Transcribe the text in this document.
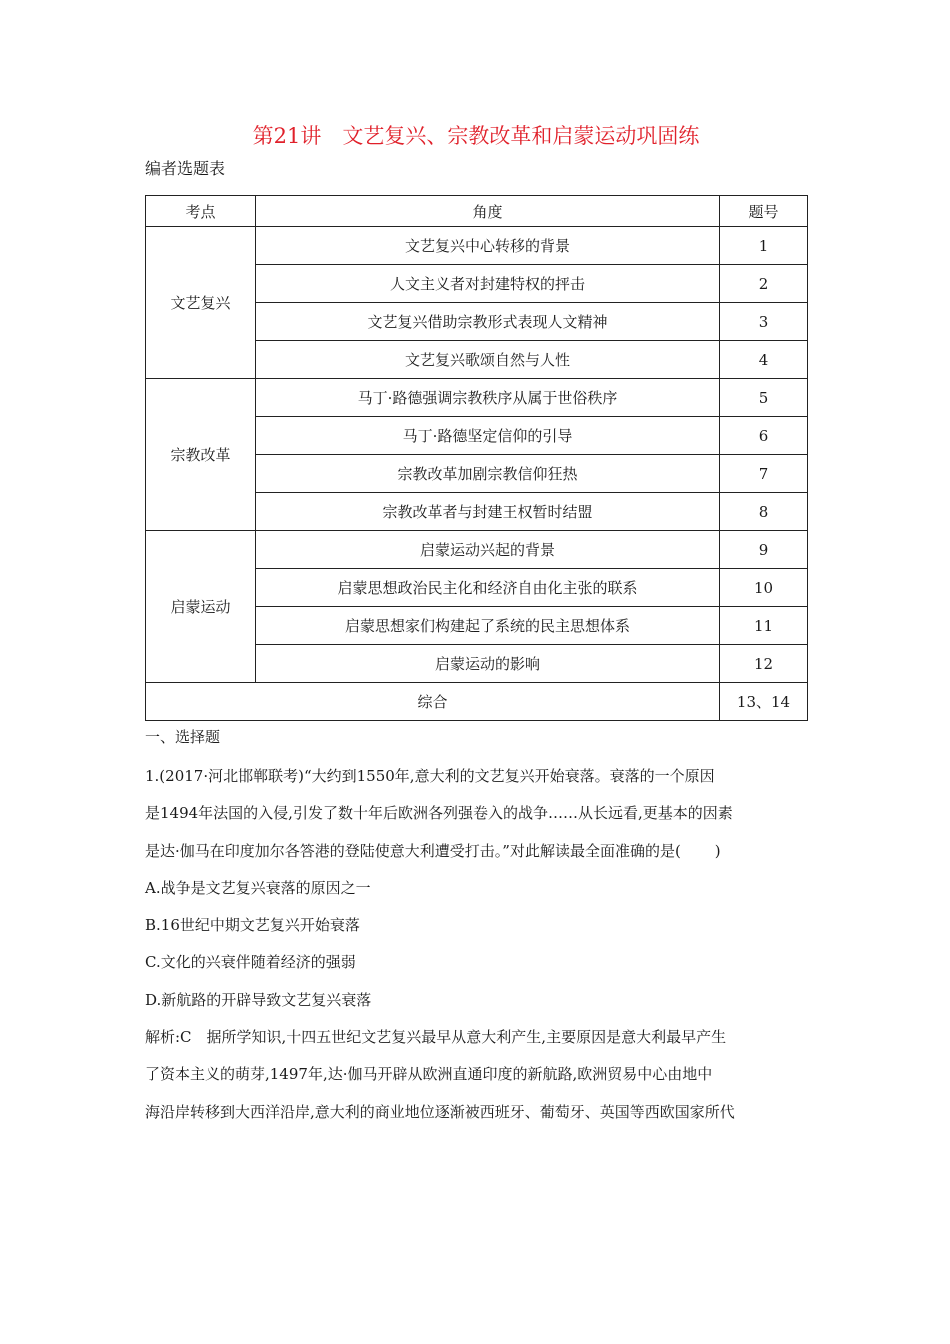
第21讲　文艺复兴、宗教改革和启蒙运动巩固练
编者选题表
考点	角度	题号
文艺复兴	文艺复兴中心转移的背景	1
	人文主义者对封建特权的抨击	2
	文艺复兴借助宗教形式表现人文精神	3
	文艺复兴歌颂自然与人性	4
宗教改革	马丁·路德强调宗教秩序从属于世俗秩序	5
	马丁·路德坚定信仰的引导	6
	宗教改革加剧宗教信仰狂热	7
	宗教改革者与封建王权暂时结盟	8
启蒙运动	启蒙运动兴起的背景	9
	启蒙思想政治民主化和经济自由化主张的联系	10
	启蒙思想家们构建起了系统的民主思想体系	11
	启蒙运动的影响	12
综合		13、14
一、选择题

1.(2017·河北邯郸联考)“大约到1550年,意大利的文艺复兴开始衰落。衰落的一个原因

是1494年法国的入侵,引发了数十年后欧洲各列强卷入的战争……从长远看,更基本的因素

是达·伽马在印度加尔各答港的登陆使意大利遭受打击。”对此解读最全面准确的是( )

A.战争是文艺复兴衰落的原因之一

B.16世纪中期文艺复兴开始衰落

C.文化的兴衰伴随着经济的强弱

D.新航路的开辟导致文艺复兴衰落

解析:C　据所学知识,十四五世纪文艺复兴最早从意大利产生,主要原因是意大利最早产生

了资本主义的萌芽,1497年,达·伽马开辟从欧洲直通印度的新航路,欧洲贸易中心由地中

海沿岸转移到大西洋沿岸,意大利的商业地位逐渐被西班牙、葡萄牙、英国等西欧国家所代
